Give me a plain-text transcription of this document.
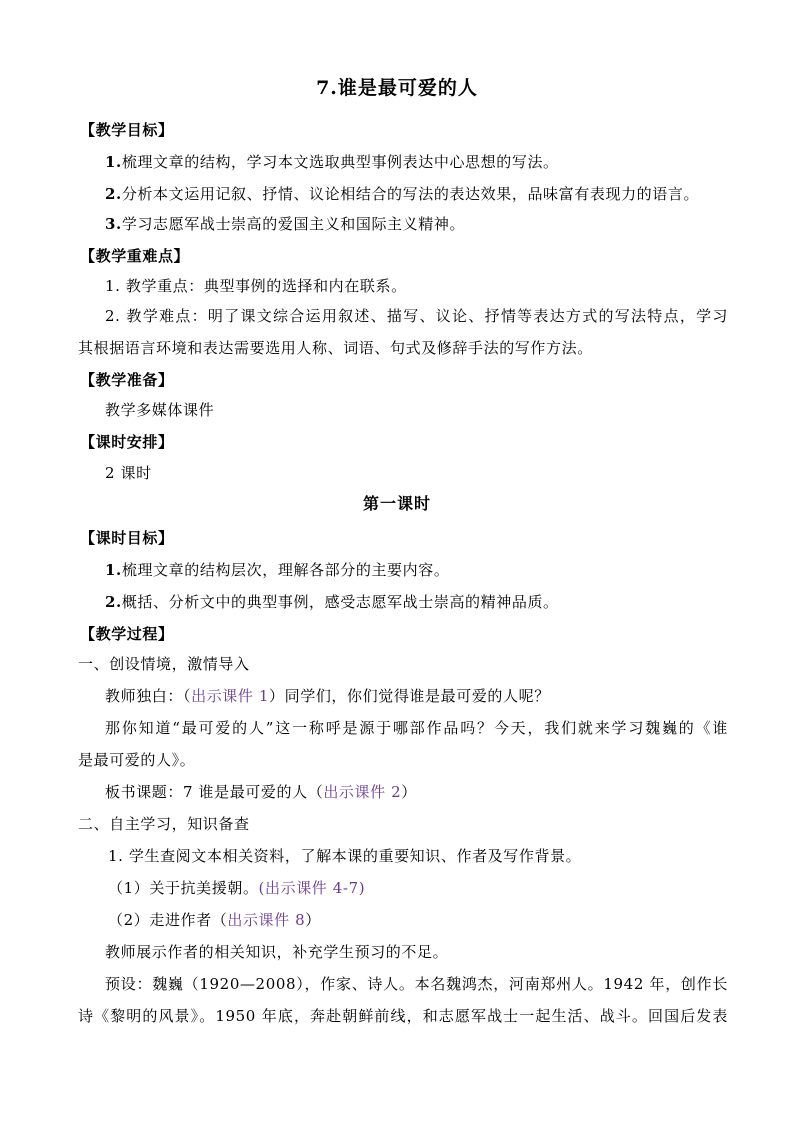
7.谁是最可爱的人
【教学目标】
1.梳理文章的结构，学习本文选取典型事例表达中心思想的写法。
2.分析本文运用记叙、抒情、议论相结合的写法的表达效果，品味富有表现力的语言。
3.学习志愿军战士崇高的爱国主义和国际主义精神。
【教学重难点】
1. 教学重点：典型事例的选择和内在联系。
2. 教学难点：明了课文综合运用叙述、描写、议论、抒情等表达方式的写法特点，学习
其根据语言环境和表达需要选用人称、词语、句式及修辞手法的写作方法。
【教学准备】
教学多媒体课件
【课时安排】
2 课时
第一课时
【课时目标】
1.梳理文章的结构层次，理解各部分的主要内容。
2.概括、分析文中的典型事例，感受志愿军战士崇高的精神品质。
【教学过程】
一、创设情境，激情导入
教师独白：（出示课件 1）同学们，你们觉得谁是最可爱的人呢？
那你知道“最可爱的人”这一称呼是源于哪部作品吗？今天，我们就来学习魏巍的《谁
是最可爱的人》。
板书课题：7 谁是最可爱的人（出示课件 2）
二、自主学习，知识备查
1. 学生查阅文本相关资料，了解本课的重要知识、作者及写作背景。
（1）关于抗美援朝。(出示课件 4-7)
（2）走进作者（出示课件 8）
教师展示作者的相关知识，补充学生预习的不足。
预设：魏巍（1920—2008），作家、诗人。本名魏鸿杰，河南郑州人。1942 年，创作长
诗《黎明的风景》。1950 年底，奔赴朝鲜前线，和志愿军战士一起生活、战斗。回国后发表
